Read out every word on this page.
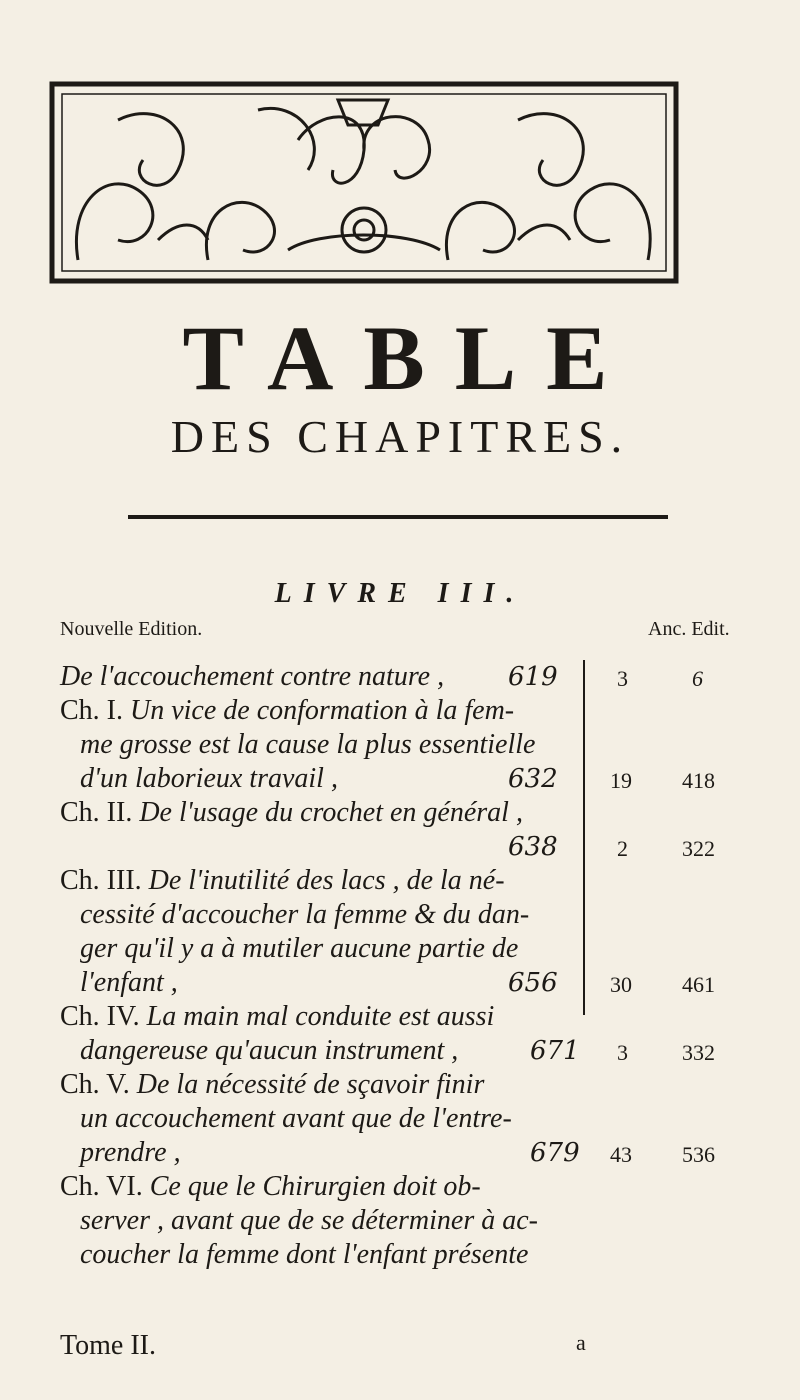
TABLE
DES CHAPITRES.
LIVRE III.
Nouvelle Edition.	Anc. Edit.
De l'accouchement contre nature , 619	3	6
Ch. I. Un vice de conformation à la fem-
me grosse est la cause la plus essentielle
d'un laborieux travail ,	632 19 418
Ch. II. De l'usage du crochet en général ,
638	2 322
Ch. III. De l'inutilité des lacs , de la né-
cessité d'accoucher la femme & du dan-
ger qu'il y a à mutiler aucune partie de
l'enfant ,	656 30 461
Ch. IV. La main mal conduite est aussi
dangereuse qu'aucun instrument ,	671 3 332
Ch. V. De la nécessité de sçavoir finir
un accouchement avant que de l'entre-
prendre ,	679 43 536
Ch. VI. Ce que le Chirurgien doit ob-
server , avant que de se déterminer à ac-
coucher la femme dont l'enfant présente
Tome II.	a
